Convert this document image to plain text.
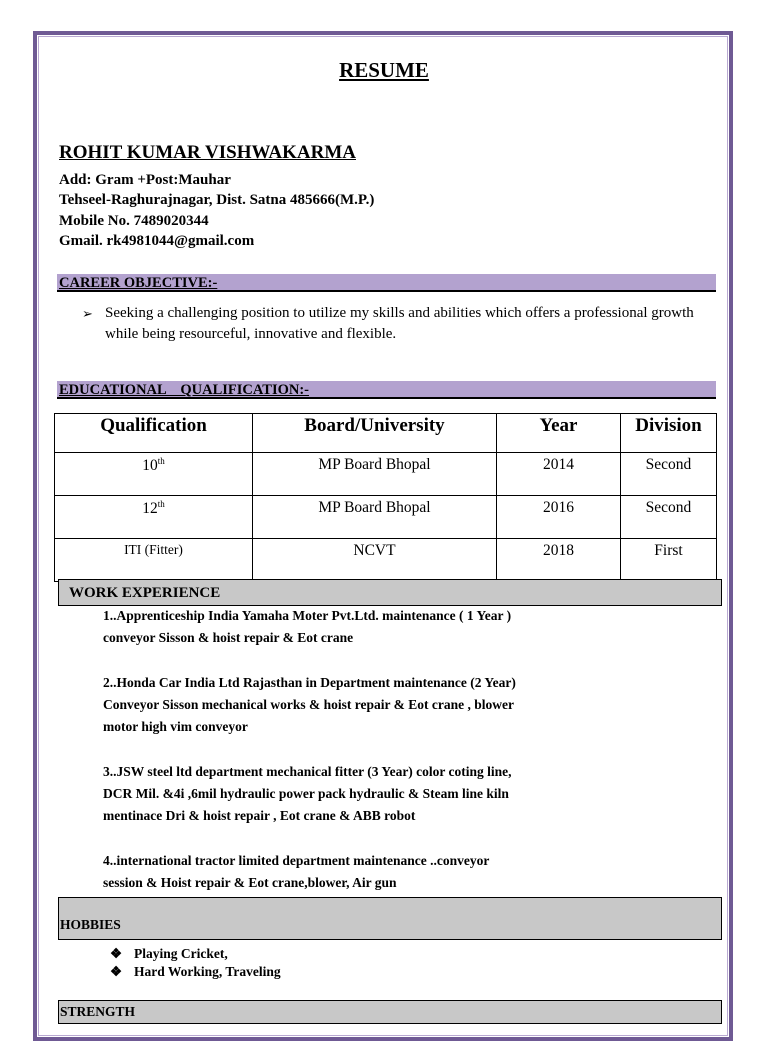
RESUME
ROHIT KUMAR VISHWAKARMA
Add: Gram +Post:Mauhar
Tehseel-Raghurajnagar, Dist. Satna 485666(M.P.)
Mobile No. 7489020344
Gmail. rk4981044@gmail.com
CAREER OBJECTIVE:-
➢ Seeking a challenging position to utilize my skills and abilities which offers a professional growth while being resourceful, innovative and flexible.
EDUCATIONAL    QUALIFICATION:-
Qualification	Board/University	Year	Division
10th	MP Board Bhopal	2014	Second
12th	MP Board Bhopal	2016	Second
ITI (Fitter)	NCVT	2018	First
WORK EXPERIENCE
1..Apprenticeship India Yamaha Moter Pvt.Ltd. maintenance ( 1 Year )
conveyor Sisson & hoist repair & Eot crane
2..Honda Car India Ltd Rajasthan in Department maintenance (2 Year)
Conveyor Sisson mechanical works & hoist repair & Eot crane , blower
motor high vim conveyor
3..JSW steel ltd department mechanical fitter (3 Year) color coting line,
DCR Mil. &4i ,6mil hydraulic power pack hydraulic & Steam line kiln
mentinace Dri & hoist repair , Eot crane & ABB robot
4..international tractor limited department maintenance ..conveyor
session & Hoist repair & Eot crane,blower, Air gun
HOBBIES
❖ Playing Cricket,
❖ Hard Working, Traveling
STRENGTH
